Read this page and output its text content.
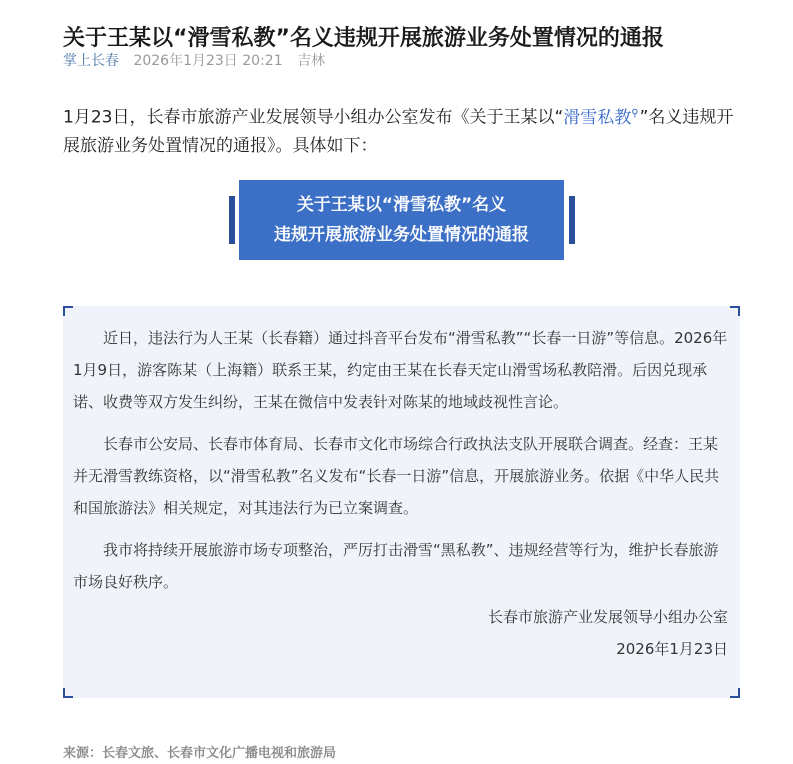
关于王某以“滑雪私教”名义违规开展旅游业务处置情况的通报
掌上长春 2026年1月23日 20:21 吉林
1月23日，长春市旅游产业发展领导小组办公室发布《关于王某以“滑雪私教⚲”名义违规开展旅游业务处置情况的通报》。具体如下：
关于王某以“滑雪私教”名义
违规开展旅游业务处置情况的通报

近日，违法行为人王某（长春籍）通过抖音平台发布“滑雪私教”“长春一日游”等信息。2026年1月9日，游客陈某（上海籍）联系王某，约定由王某在长春天定山滑雪场私教陪滑。后因兑现承诺、收费等双方发生纠纷，王某在微信中发表针对陈某的地域歧视性言论。

长春市公安局、长春市体育局、长春市文化市场综合行政执法支队开展联合调查。经查：王某并无滑雪教练资格，以“滑雪私教”名义发布“长春一日游”信息，开展旅游业务。依据《中华人民共和国旅游法》相关规定，对其违法行为已立案调查。

我市将持续开展旅游市场专项整治，严厉打击滑雪“黑私教”、违规经营等行为，维护长春旅游市场良好秩序。

长春市旅游产业发展领导小组办公室
2026年1月23日
来源：长春文旅、长春市文化广播电视和旅游局
